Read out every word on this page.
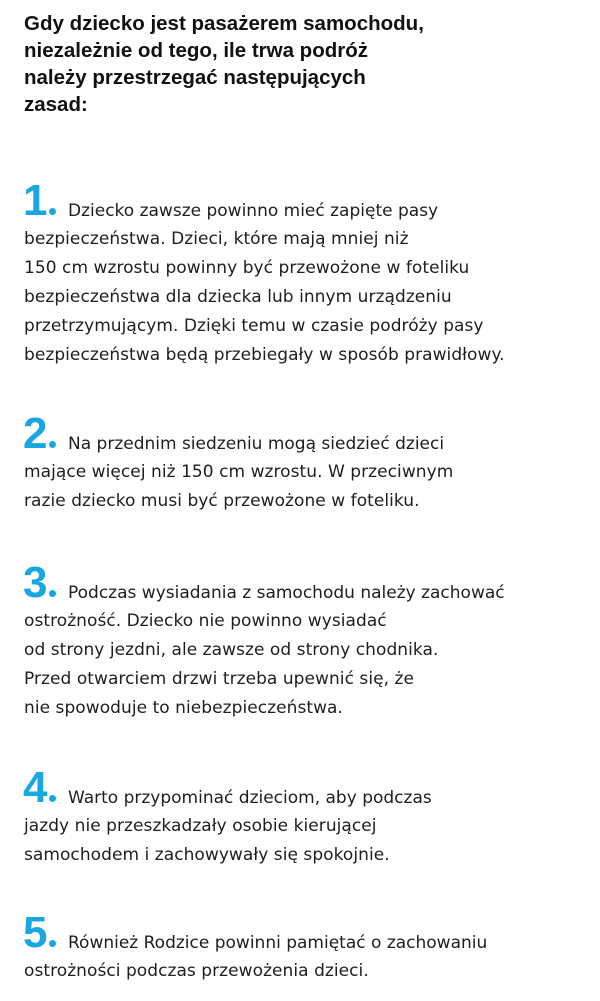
Gdy dziecko jest pasażerem samochodu,
niezależnie od tego, ile trwa podróż
należy przestrzegać następujących
zasad:
1	Dziecko zawsze powinno mieć zapięte pasy
bezpieczeństwa. Dzieci, które mają mniej niż
150 cm wzrostu powinny być przewożone w foteliku
bezpieczeństwa dla dziecka lub innym urządzeniu
przetrzymującym. Dzięki temu w czasie podróży pasy
bezpieczeństwa będą przebiegały w sposób prawidłowy.
2	Na przednim siedzeniu mogą siedzieć dzieci
mające więcej niż 150 cm wzrostu. W przeciwnym
razie dziecko musi być przewożone w foteliku.
3	Podczas wysiadania z samochodu należy zachować
ostrożność. Dziecko nie powinno wysiadać
od strony jezdni, ale zawsze od strony chodnika.
Przed otwarciem drzwi trzeba upewnić się, że
nie spowoduje to niebezpieczeństwa.
4	Warto przypominać dzieciom, aby podczas
jazdy nie przeszkadzały osobie kierującej
samochodem i zachowywały się spokojnie.
5	Również Rodzice powinni pamiętać o zachowaniu
ostrożności podczas przewożenia dzieci.
